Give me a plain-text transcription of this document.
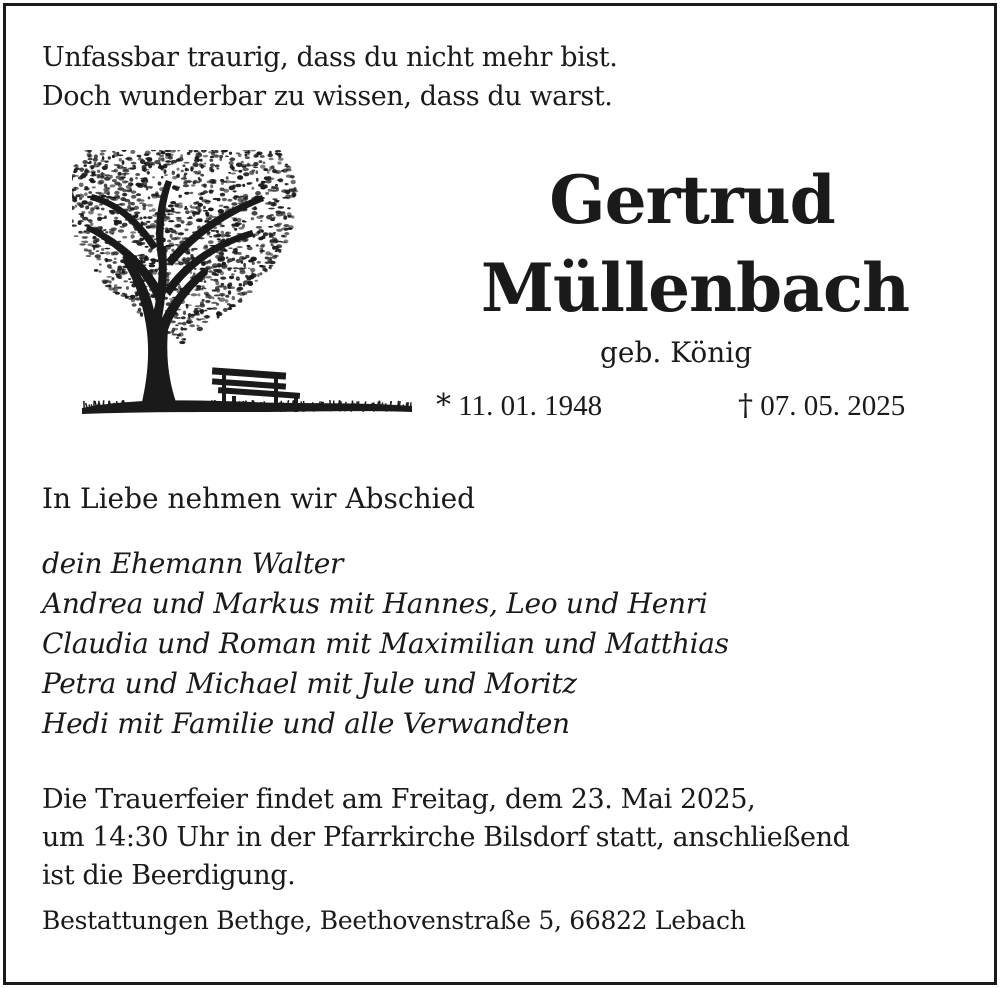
Unfassbar traurig, dass du nicht mehr bist.
Doch wunderbar zu wissen, dass du warst.
Gertrud
Müllenbach
geb. König
* 11. 01. 1948	† 07. 05. 2025
In Liebe nehmen wir Abschied
dein Ehemann Walter
Andrea und Markus mit Hannes, Leo und Henri
Claudia und Roman mit Maximilian und Matthias
Petra und Michael mit Jule und Moritz
Hedi mit Familie und alle Verwandten
Die Trauerfeier findet am Freitag, dem 23. Mai 2025,
um 14:30 Uhr in der Pfarrkirche Bilsdorf statt, anschließend
ist die Beerdigung.
Bestattungen Bethge, Beethovenstraße 5, 66822 Lebach
